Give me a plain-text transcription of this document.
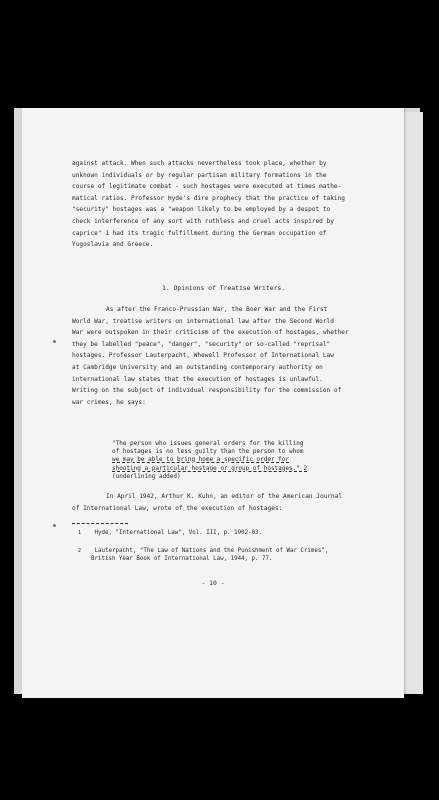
against attack. When such attacks nevertheless took place, whether by
unknown individuals or by regular partisan military formations in the
course of legitimate combat - such hostages were executed at times mathe-
matical ratios. Professor Hyde's dire prophecy that the practice of taking
"security" hostages was a "weapon likely to be employed by a despot to
check interference of any sort with ruthless and cruel acts inspired by
caprice" 1 had its tragic fulfillment during the German occupation of
Yugoslavia and Greece.
1. Opinions of Treatise Writers.
As after the Franco-Prussian War, the Boer War and the First
World War, treatise writers on international law after the Second World
War were outspoken in their criticism of the execution of hostages, whether
they be labelled "peace", "danger", "security" or so-called "reprisal"
hostages. Professor Lauterpacht, Whewell Professor of International Law
at Cambridge University and an outstanding contemporary authority on
international law states that the execution of hostages is unlawful.
Writing on the subject of individual responsibility for the commission of
war crimes, he says:
"The person who issues general orders for the killing
of hostages is no less guilty than the person to whom
we may be able to bring home a specific order for
shooting a particular hostage or group of hostages." 2
(underlining added)
In April 1942, Arthur K. Kuhn, an editor of the American Journal
of International Law, wrote of the execution of hostages:
1 Hyde, "International Law", Vol. III, p. 1902-03.
2 Lauterpacht, "The Law of Nations and the Punishment of War Crimes",
British Year Book of International Law, 1944, p. 77.
- 10 -
